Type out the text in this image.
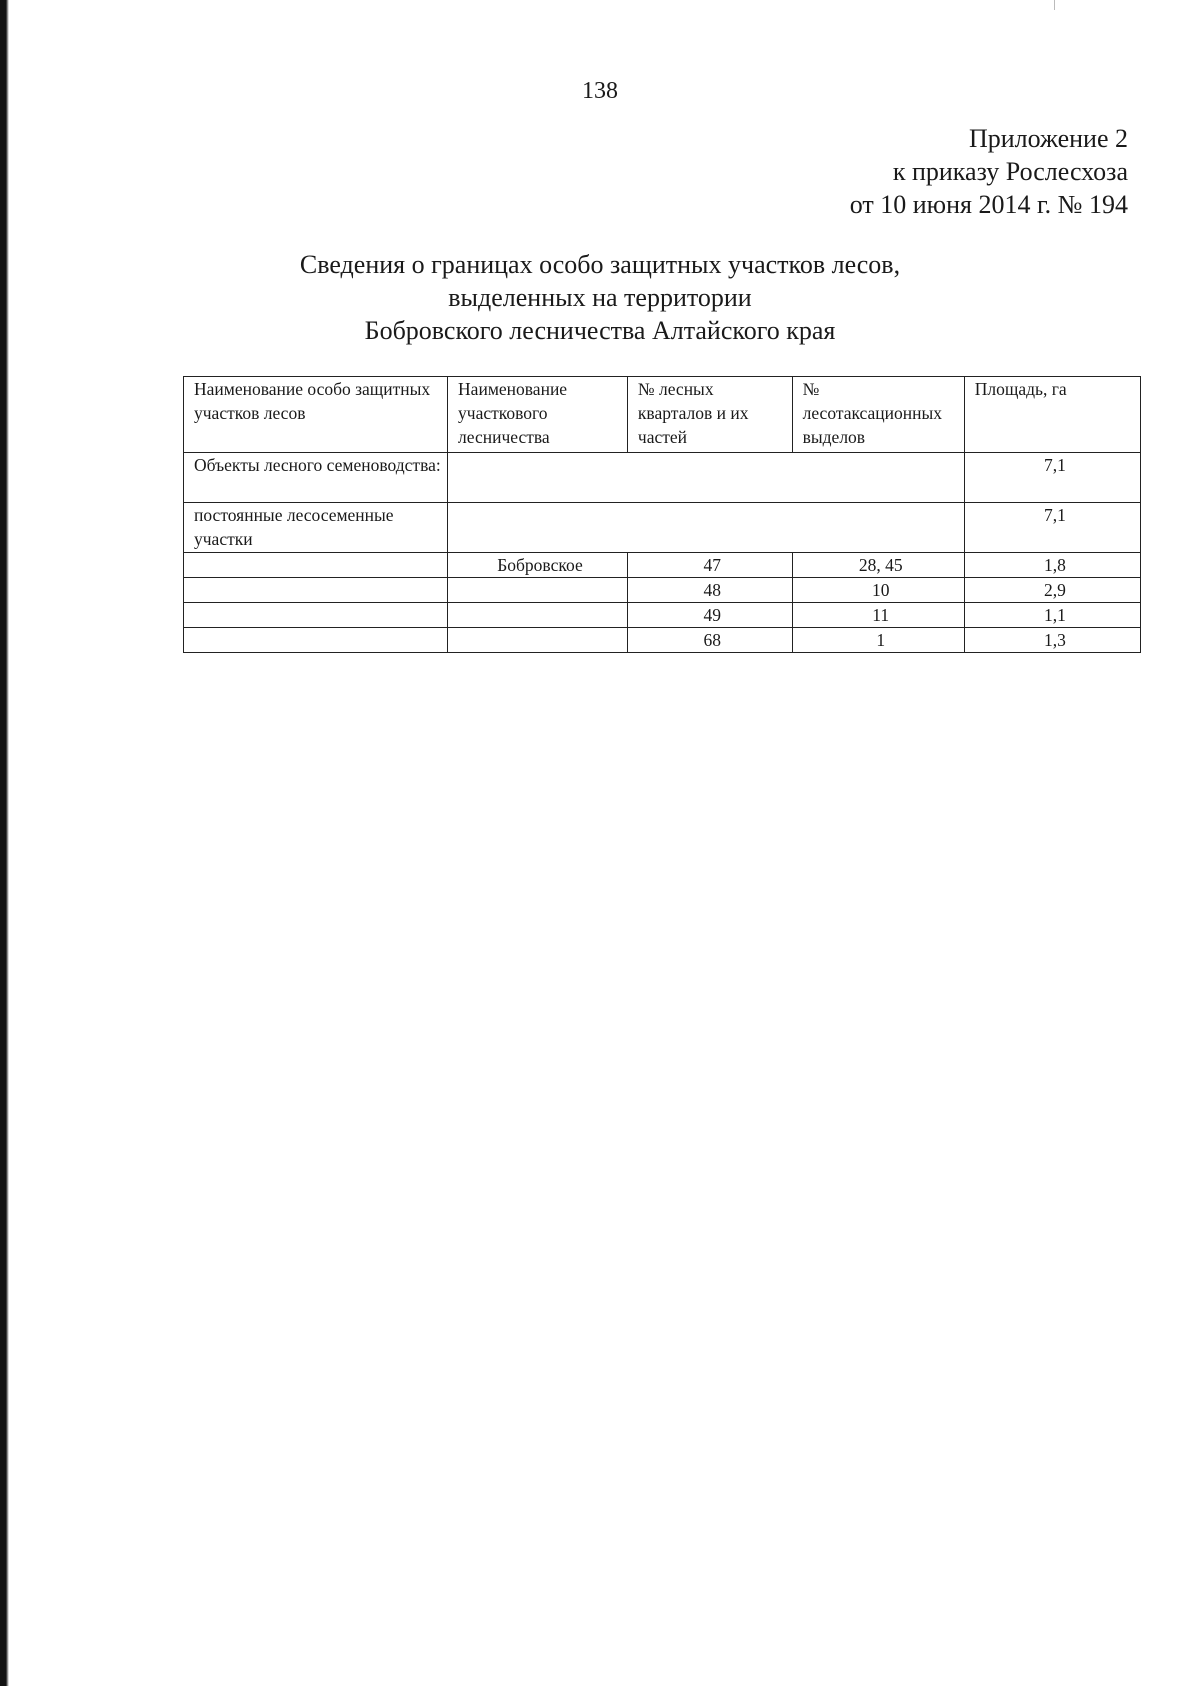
138
Приложение 2
к приказу Рослесхоза
от 10 июня 2014 г. № 194
Сведения о границах особо защитных участков лесов,
выделенных на территории
Бобровского лесничества Алтайского края
Наименование особо защитных участков лесов	Наименование участкового лесничества	№ лесных кварталов и их частей	№ лесотаксационных выделов	Площадь, га
Объекты лесного семеноводства:				7,1
постоянные лесосеменные участки				7,1
	Бобровское	47	28, 45	1,8
		48	10	2,9
		49	11	1,1
		68	1	1,3
